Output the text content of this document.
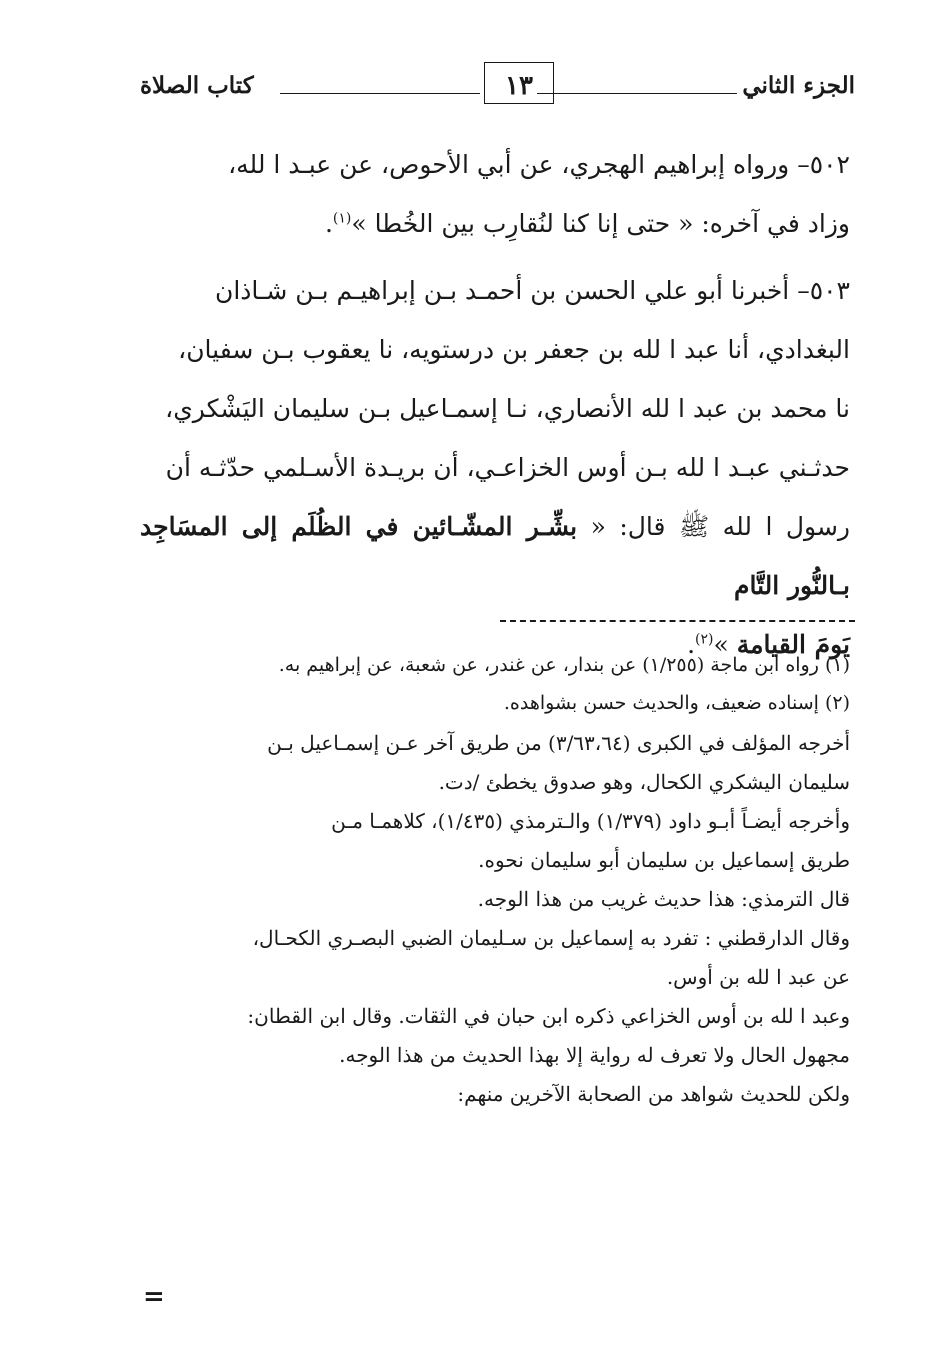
الجزء الثاني
١٣
كتاب الصلاة

٥٠٢– ورواه إبراهيم الهجري، عن أبي الأحوص، عن عبـد ا لله،

وزاد في آخره: « حتى إنا كنا لنُقارِب بين الخُطا »$^{(١)}$.

٥٠٣– أخبرنا أبو علي الحسن بن أحمـد بـن إبراهيـم بـن شـاذان

البغدادي، أنا عبد ا لله بن جعفر بن درستويه، نا يعقوب بـن سفيان،

نا محمد بن عبد ا لله الأنصاري، نـا إسمـاعيل بـن سليمان اليَشْكري،

حدثـني عبـد ا لله بـن أوس الخزاعـي، أن بريـدة الأسـلمي حدّثـه أن

رسول ا لله ﷺ قال: « بشِّـر المشّـائين في الظُلَم إلى المسَاجِد بـالنُّور التَّام

يَومَ القيامة »$^{(٢)}$.

(١) رواه ابن ماجة (١/٢٥٥) عن بندار، عن غندر، عن شعبة، عن إبراهيم به.

(٢) إسناده ضعيف، والحديث حسن بشواهده.

أخرجه المؤلف في الكبرى (٣/٦٣،٦٤) من طريق آخر عـن إسمـاعيل بـن

سليمان اليشكري الكحال، وهو صدوق يخطئ /دت.

وأخرجه أيضـاً أبـو داود (١/٣٧٩) والـترمذي (١/٤٣٥)، كلاهمـا مـن

طريق إسماعيل بن سليمان أبو سليمان نحوه.

قال الترمذي: هذا حديث غريب من هذا الوجه.

وقال الدارقطني : تفرد به إسماعيل بن سـليمان الضبي البصـري الكحـال،

عن عبد ا لله بن أوس.

وعبد ا لله بن أوس الخزاعي ذكره ابن حبان في الثقات. وقال ابن القطان:

مجهول الحال ولا تعرف له رواية إلا بهذا الحديث من هذا الوجه.

ولكن للحديث شواهد من الصحابة الآخرين منهم:

=
